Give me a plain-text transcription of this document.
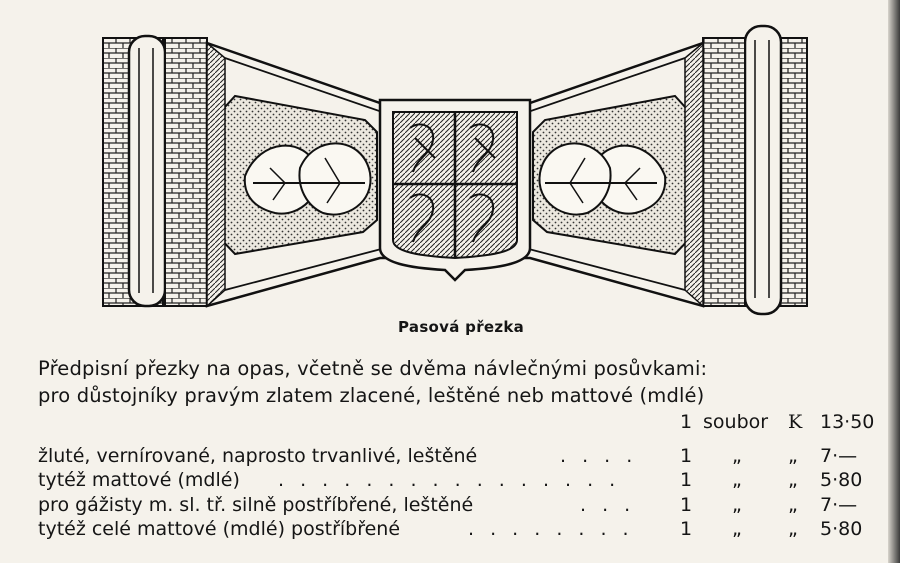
Pasová přezka
Předpisní přezky na opas, včetně se dvěma návlečnými posůvkami:
pro důstojníky pravým zlatem zlacené, leštěné neb mattové (mdlé)
1 soubor K 13·50
žluté, vernírované, naprosto trvanlivé, leštěné	. . . . 1 „ „ 7·—
tytéž mattové (mdlé) . . . . . . . . . . . . . . . .	1 „ „ 5·80
pro gážisty m. sl. tř. silně postříbřené, leštěné	. . . 1 „ „ 7·—
tytéž celé mattové (mdlé) postříbřené	. . . . . . . . 1 „ „ 5·80
